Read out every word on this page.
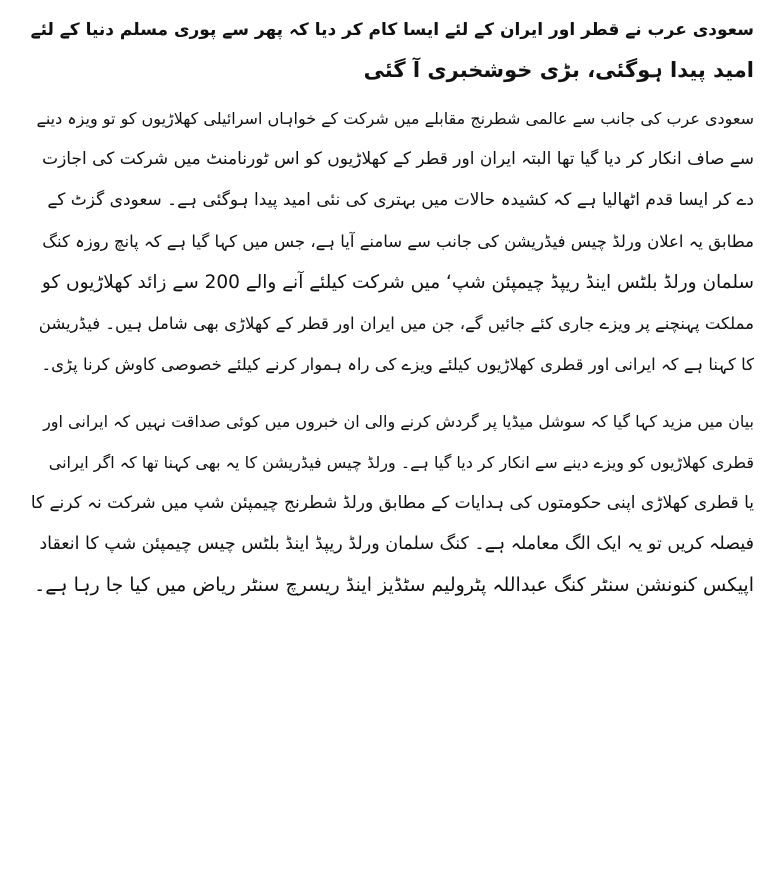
سعودی عرب نے قطر اور ایران کے لئے ایسا کام کر دیا کہ پھر سے پوری مسلم دنیا کے لئے

امید پیدا ہوگئی، بڑی خوشخبری آ گئی

سعودی عرب کی جانب سے عالمی شطرنج مقابلے میں شرکت کے خواہاں اسرائیلی کھلاڑیوں کو تو ویزہ دینے

سے صاف انکار کر دیا گیا تھا البتہ ایران اور قطر کے کھلاڑیوں کو اس ٹورنامنٹ میں شرکت کی اجازت

دے کر ایسا قدم اٹھالیا ہے کہ کشیدہ حالات میں بہتری کی نئی امید پیدا ہوگئی ہے۔ سعودی گزٹ کے

مطابق یہ اعلان ورلڈ چیس فیڈریشن کی جانب سے سامنے آیا ہے، جس میں کہا گیا ہے کہ پانچ روزہ کنگ

سلمان ورلڈ بلٹس اینڈ ریپڈ چیمپئن شپ‘ میں شرکت کیلئے آنے والے 200 سے زائد کھلاڑیوں کو

مملکت پہنچنے پر ویزے جاری کئے جائیں گے، جن میں ایران اور قطر کے کھلاڑی بھی شامل ہیں۔ فیڈریشن

کا کہنا ہے کہ ایرانی اور قطری کھلاڑیوں کیلئے ویزے کی راہ ہموار کرنے کیلئے خصوصی کاوش کرنا پڑی۔

بیان میں مزید کہا گیا کہ سوشل میڈیا پر گردش کرنے والی ان خبروں میں کوئی صداقت نہیں کہ ایرانی اور

قطری کھلاڑیوں کو ویزے دینے سے انکار کر دیا گیا ہے۔ ورلڈ چیس فیڈریشن کا یہ بھی کہنا تھا کہ اگر ایرانی

یا قطری کھلاڑی اپنی حکومتوں کی ہدایات کے مطابق ورلڈ شطرنج چیمپئن شپ میں شرکت نہ کرنے کا

فیصلہ کریں تو یہ ایک الگ معاملہ ہے۔ کنگ سلمان ورلڈ ریپڈ اینڈ بلٹس چیس چیمپئن شپ کا انعقاد

اپیکس کنونشن سنٹر کنگ عبداللہ پٹرولیم سٹڈیز اینڈ ریسرچ سنٹر ریاض میں کیا جا رہا ہے۔
